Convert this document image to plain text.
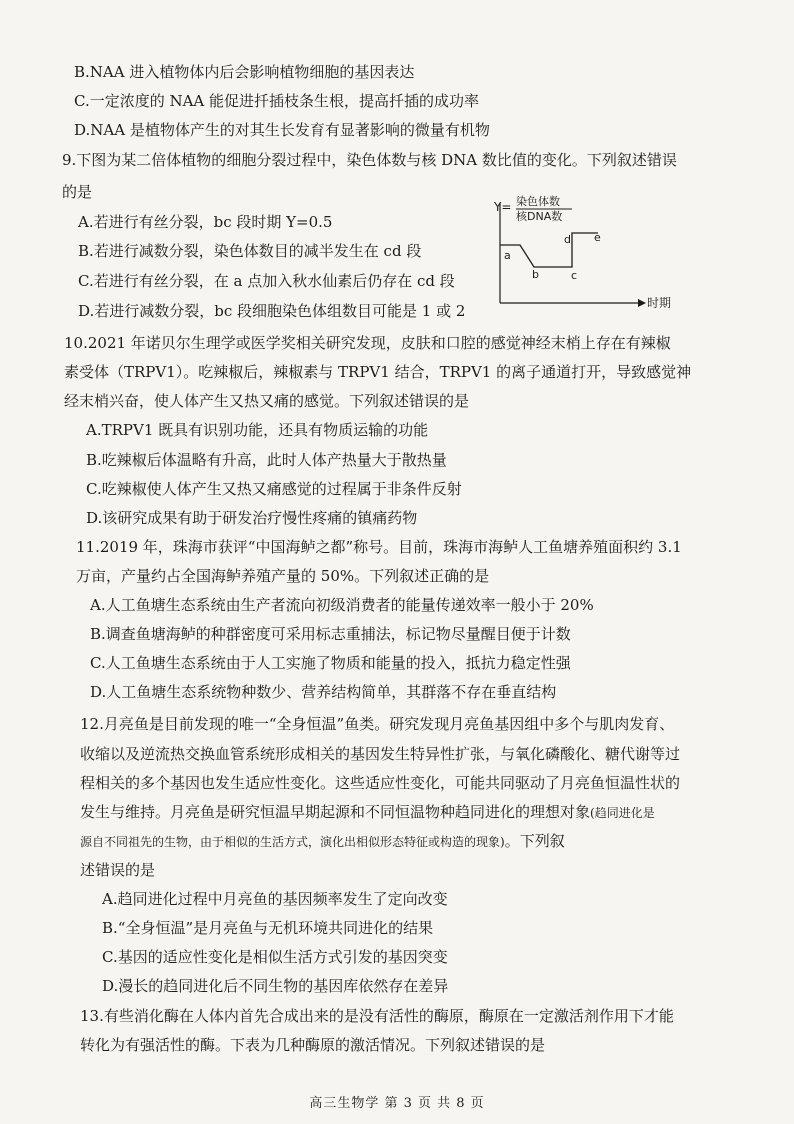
B.NAA 进入植物体内后会影响植物细胞的基因表达
C.一定浓度的 NAA 能促进扦插枝条生根，提高扦插的成功率
D.NAA 是植物体产生的对其生长发育有显著影响的微量有机物
9.下图为某二倍体植物的细胞分裂过程中，染色体数与核 DNA 数比值的变化。下列叙述错误
的是
A.若进行有丝分裂，bc 段时期 Y=0.5
B.若进行减数分裂，染色体数目的减半发生在 cd 段
C.若进行有丝分裂，在 a 点加入秋水仙素后仍存在 cd 段
D.若进行减数分裂，bc 段细胞染色体组数目可能是 1 或 2
Y= 染色体数
核DNA数
时期
a
b	c
d e
10.2021 年诺贝尔生理学或医学奖相关研究发现，皮肤和口腔的感觉神经末梢上存在有辣椒
素受体（TRPV1）。吃辣椒后，辣椒素与 TRPV1 结合，TRPV1 的离子通道打开，导致感觉神
经末梢兴奋，使人体产生又热又痛的感觉。下列叙述错误的是
A.TRPV1 既具有识别功能，还具有物质运输的功能
B.吃辣椒后体温略有升高，此时人体产热量大于散热量
C.吃辣椒使人体产生又热又痛感觉的过程属于非条件反射
D.该研究成果有助于研发治疗慢性疼痛的镇痛药物
11.2019 年，珠海市获评“中国海鲈之都”称号。目前，珠海市海鲈人工鱼塘养殖面积约 3.1
万亩，产量约占全国海鲈养殖产量的 50%。下列叙述正确的是
A.人工鱼塘生态系统由生产者流向初级消费者的能量传递效率一般小于 20%
B.调查鱼塘海鲈的种群密度可采用标志重捕法，标记物尽量醒目便于计数
C.人工鱼塘生态系统由于人工实施了物质和能量的投入，抵抗力稳定性强
D.人工鱼塘生态系统物种数少、营养结构简单，其群落不存在垂直结构
12.月亮鱼是目前发现的唯一“全身恒温”鱼类。研究发现月亮鱼基因组中多个与肌肉发育、
收缩以及逆流热交换血管系统形成相关的基因发生特异性扩张，与氧化磷酸化、糖代谢等过
程相关的多个基因也发生适应性变化。这些适应性变化，可能共同驱动了月亮鱼恒温性状的
发生与维持。月亮鱼是研究恒温早期起源和不同恒温物种趋同进化的理想对象(趋同进化是
源自不同祖先的生物，由于相似的生活方式，演化出相似形态特征或构造的现象)。下列叙
述错误的是
A.趋同进化过程中月亮鱼的基因频率发生了定向改变
B.“全身恒温”是月亮鱼与无机环境共同进化的结果
C.基因的适应性变化是相似生活方式引发的基因突变
D.漫长的趋同进化后不同生物的基因库依然存在差异
13.有些消化酶在人体内首先合成出来的是没有活性的酶原，酶原在一定激活剂作用下才能
转化为有强活性的酶。下表为几种酶原的激活情况。下列叙述错误的是
高三生物学 第 3 页 共 8 页
